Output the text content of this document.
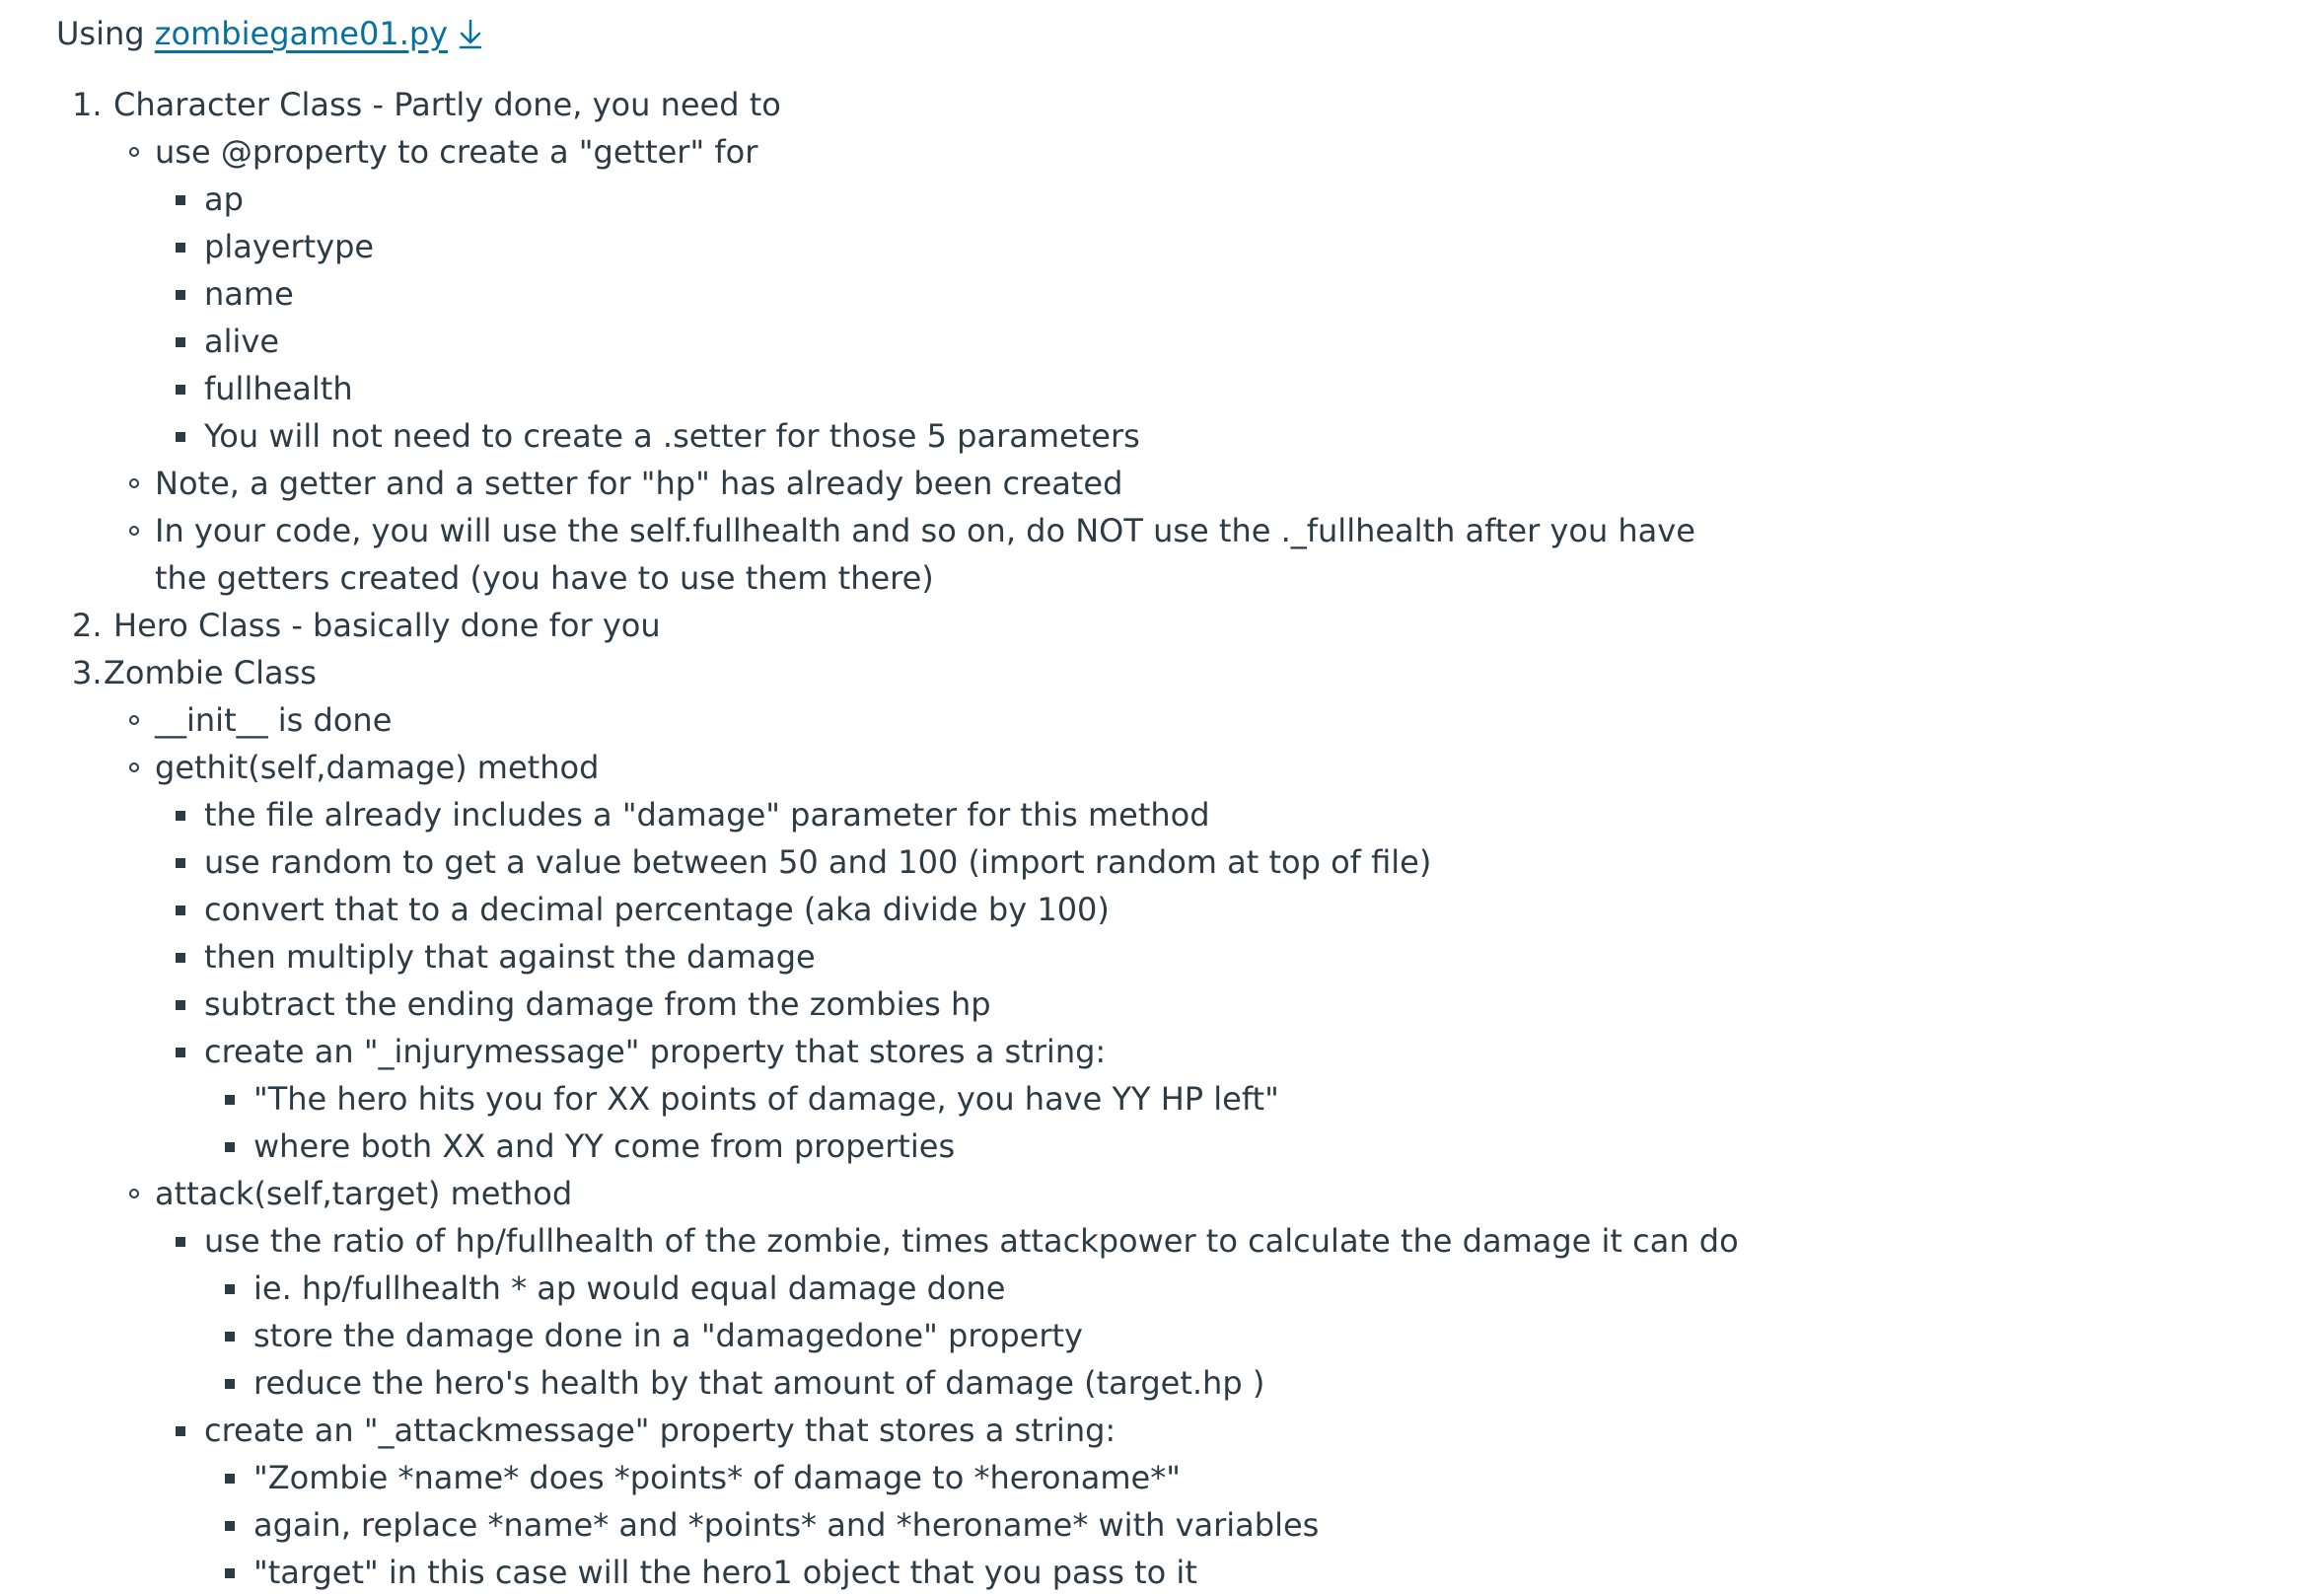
Using zombiegame01.py
1. Character Class - Partly done, you need to
use @property to create a "getter" for
ap
playertype
name
alive
fullhealth
You will not need to create a .setter for those 5 parameters
Note, a getter and a setter for "hp" has already been created
In your code, you will use the self.fullhealth and so on, do NOT use the ._fullhealth after you have the getters created (you have to use them there)
2. Hero Class - basically done for you
3. Zombie Class
__init__ is done
gethit(self,damage) method
the file already includes a "damage" parameter for this method
use random to get a value between 50 and 100 (import random at top of file)
convert that to a decimal percentage (aka divide by 100)
then multiply that against the damage
subtract the ending damage from the zombies hp
create an "_injurymessage" property that stores a string:
"The hero hits you for XX points of damage, you have YY HP left"
where both XX and YY come from properties
attack(self,target) method
use the ratio of hp/fullhealth of the zombie, times attackpower to calculate the damage it can do
ie. hp/fullhealth * ap would equal damage done
store the damage done in a "damagedone" property
reduce the hero's health by that amount of damage (target.hp )
create an "_attackmessage" property that stores a string:
"Zombie *name* does *points* of damage to *heroname*"
again, replace *name* and *points* and *heroname* with variables
"target" in this case will the hero1 object that you pass to it
